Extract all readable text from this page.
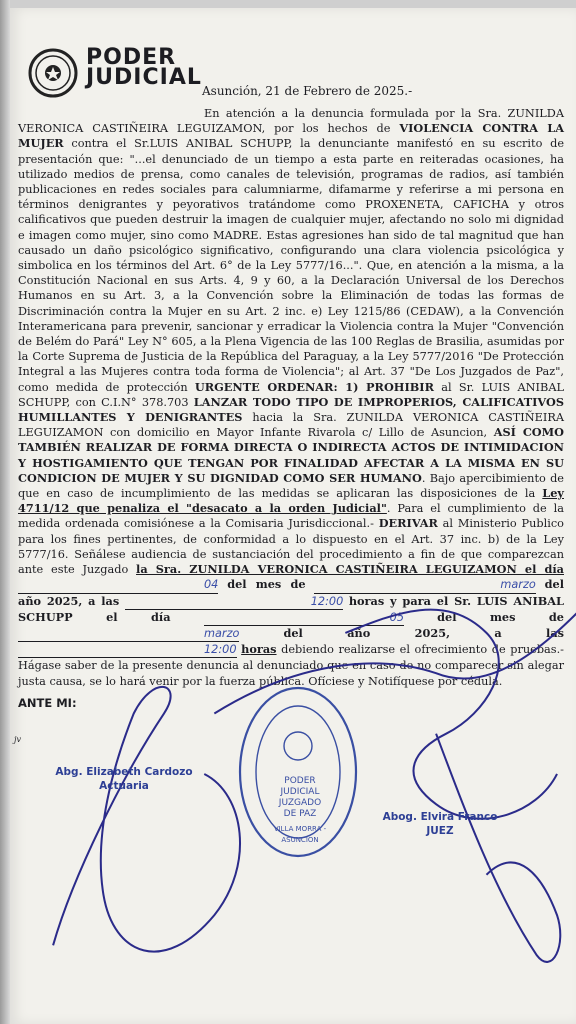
PODER
JUDICIAL
Asunción, 21 de Febrero de 2025.-

En atención a la denuncia formulada por la Sra. ZUNILDA VERONICA CASTIÑEIRA LEGUIZAMON, por los hechos de VIOLENCIA CONTRA LA MUJER contra el Sr.LUIS ANIBAL SCHUPP, la denunciante manifestó en su escrito de presentación que: "...el denunciado de un tiempo a esta parte en reiteradas ocasiones, ha utilizado medios de prensa, como canales de televisión, programas de radios, así también publicaciones en redes sociales para calumniarme, difamarme y referirse a mi persona en términos denigrantes y peyorativos tratándome como PROXENETA, CAFICHA y otros calificativos que pueden destruir la imagen de cualquier mujer, afectando no solo mi dignidad e imagen como mujer, sino como MADRE. Estas agresiones han sido de tal magnitud que han causado un daño psicológico significativo, configurando una clara violencia psicológica y simbolica en los términos del Art. 6° de la Ley 5777/16...". Que, en atención a la misma, a la Constitución Nacional en sus Arts. 4, 9 y 60, a la Declaración Universal de los Derechos Humanos en su Art. 3, a la Convención sobre la Eliminación de todas las formas de Discriminación contra la Mujer en su Art. 2 inc. e) Ley 1215/86 (CEDAW), a la Convención Interamericana para prevenir, sancionar y erradicar la Violencia contra la Mujer "Convención de Belém do Pará" Ley N° 605, a la Plena Vigencia de las 100 Reglas de Brasilia, asumidas por la Corte Suprema de Justicia de la República del Paraguay, a la Ley 5777/2016 "De Protección Integral a las Mujeres contra toda forma de Violencia"; al Art. 37 "De Los Juzgados de Paz", como medida de protección URGENTE ORDENAR: 1) PROHIBIR al Sr. LUIS ANIBAL SCHUPP, con C.I.N° 378.703 LANZAR TODO TIPO DE IMPROPERIOS, CALIFICATIVOS HUMILLANTES Y DENIGRANTES hacia la Sra. ZUNILDA VERONICA CASTIÑEIRA LEGUIZAMON con domicilio en Mayor Infante Rivarola c/ Lillo de Asuncion, ASÍ COMO TAMBIÉN REALIZAR DE FORMA DIRECTA O INDIRECTA ACTOS DE INTIMIDACION Y HOSTIGAMIENTO QUE TENGAN POR FINALIDAD AFECTAR A LA MISMA EN SU CONDICION DE MUJER Y SU DIGNIDAD COMO SER HUMANO. Bajo apercibimiento de que en caso de incumplimiento de las medidas se aplicaran las disposiciones de la Ley 4711/12 que penaliza el "desacato a la orden Judicial". Para el cumplimiento de la medida ordenada comisiónese a la Comisaria Jurisdiccional.- DERIVAR al Ministerio Publico para los fines pertinentes, de conformidad a lo dispuesto en el Art. 37 inc. b) de la Ley 5777/16. Señálese audiencia de sustanciación del procedimiento a fin de que comparezcan ante este Juzgado la Sra. ZUNILDA VERONICA CASTIÑEIRA LEGUIZAMON el día 04 del mes de	marzo del año 2025, a las	12:00 horas y para el Sr. LUIS ANIBAL SCHUPP el día	05	del mes de marzo	del año 2025, a las 12:00 horas debiendo realizarse el ofrecimiento de pruebas.- Hágase saber de la presente denuncia al denunciado que en caso de no comparecer sin alegar justa causa, se lo hará venir por la fuerza pública. Ofíciese y Notifíquese por cédula.

ANTE MI:
jv
PODER JUDICIAL
JUZGADO
DE PAZ
VILLA MORRA - ASUNCION
Abg. Elizabeth Cardozo
Actuaria
Abog. Elvira Franco
JUEZ
